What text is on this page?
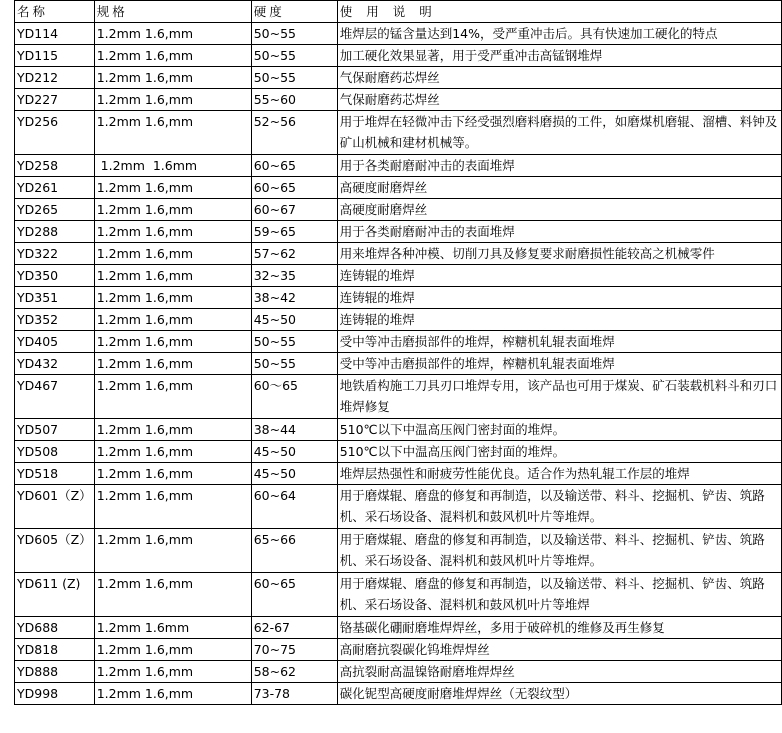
名称	规格	硬度	使用说明
YD114	1.2mm 1.6,mm	50~55	堆焊层的锰含量达到14%，受严重冲击后。具有快速加工硬化的特点
YD115	1.2mm 1.6,mm	50~55	加工硬化效果显著，用于受严重冲击高锰钢堆焊
YD212	1.2mm 1.6,mm	50~55	气保耐磨药芯焊丝
YD227	1.2mm 1.6,mm	55~60	气保耐磨药芯焊丝
YD256	1.2mm 1.6,mm	52~56	用于堆焊在轻微冲击下经受强烈磨料磨损的工件，如磨煤机磨辊、溜槽、料钟及矿山机械和建材机械等。
YD258	1.2mm  1.6mm	60~65	用于各类耐磨耐冲击的表面堆焊
YD261	1.2mm 1.6,mm	60~65	高硬度耐磨焊丝
YD265	1.2mm 1.6,mm	60~67	高硬度耐磨焊丝
YD288	1.2mm 1.6,mm	59~65	用于各类耐磨耐冲击的表面堆焊
YD322	1.2mm 1.6,mm	57~62	用来堆焊各种冲模、切削刀具及修复要求耐磨损性能较高之机械零件
YD350	1.2mm 1.6,mm	32~35	连铸辊的堆焊
YD351	1.2mm 1.6,mm	38~42	连铸辊的堆焊
YD352	1.2mm 1.6,mm	45~50	连铸辊的堆焊
YD405	1.2mm 1.6,mm	50~55	受中等冲击磨损部件的堆焊，榨糖机轧辊表面堆焊
YD432	1.2mm 1.6,mm	50~55	受中等冲击磨损部件的堆焊，榨糖机轧辊表面堆焊
YD467	1.2mm 1.6,mm	60～65	地铁盾构施工刀具刃口堆焊专用，该产品也可用于煤炭、矿石装载机料斗和刃口堆焊修复
YD507	1.2mm 1.6,mm	38~44	510℃以下中温高压阀门密封面的堆焊。
YD508	1.2mm 1.6,mm	45~50	510℃以下中温高压阀门密封面的堆焊。
YD518	1.2mm 1.6,mm	45~50	堆焊层热强性和耐疲劳性能优良。适合作为热轧辊工作层的堆焊
YD601（Z）	1.2mm 1.6,mm	60~64	用于磨煤辊、磨盘的修复和再制造，以及输送带、料斗、挖掘机、铲齿、筑路机、采石场设备、混料机和鼓风机叶片等堆焊。
YD605（Z）	1.2mm 1.6,mm	65~66	用于磨煤辊、磨盘的修复和再制造，以及输送带、料斗、挖掘机、铲齿、筑路机、采石场设备、混料机和鼓风机叶片等堆焊。
YD611 (Z)	1.2mm 1.6,mm	60~65	用于磨煤辊、磨盘的修复和再制造，以及输送带、料斗、挖掘机、铲齿、筑路机、采石场设备、混料机和鼓风机叶片等堆焊
YD688	1.2mm 1.6mm	62-67	铬基碳化硼耐磨堆焊焊丝，多用于破碎机的维修及再生修复
YD818	1.2mm 1.6,mm	70~75	高耐磨抗裂碳化钨堆焊焊丝
YD888	1.2mm 1.6,mm	58~62	高抗裂耐高温镍铬耐磨堆焊焊丝
YD998	1.2mm 1.6,mm	73-78	碳化铌型高硬度耐磨堆焊焊丝（无裂纹型）
